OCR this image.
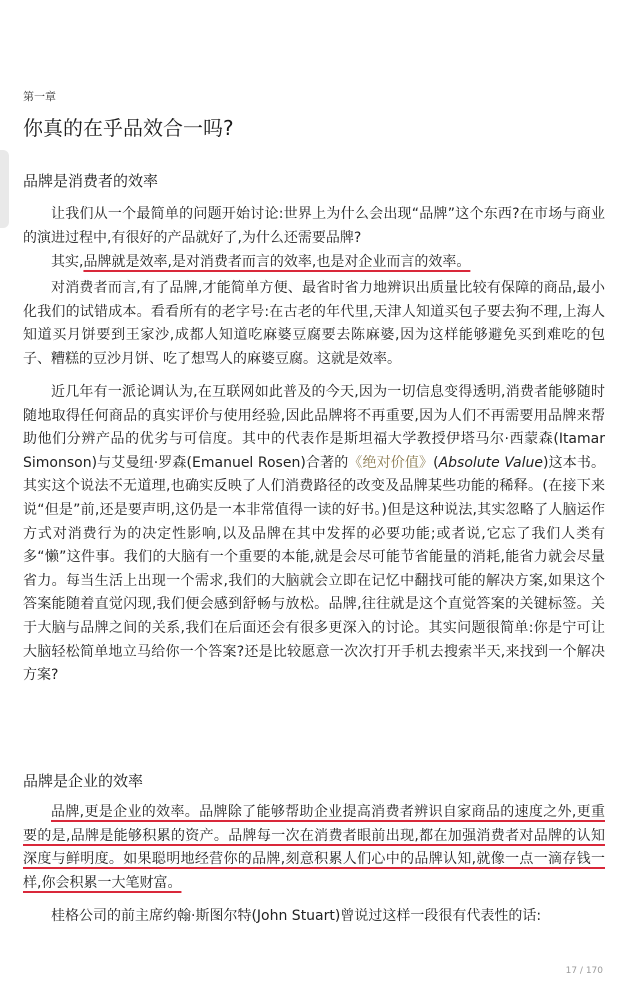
第一章
你真的在乎品效合一吗?
品牌是消费者的效率

让我们从一个最简单的问题开始讨论:世界上为什么会出现“品牌”这个东西?在市场与商业的演进过程中,有很好的产品就好了,为什么还需要品牌?

其实,品牌就是效率,是对消费者而言的效率,也是对企业而言的效率。

对消费者而言,有了品牌,才能简单方便、最省时省力地辨识出质量比较有保障的商品,最小化我们的试错成本。看看所有的老字号:在古老的年代里,天津人知道买包子要去狗不理,上海人知道买月饼要到王家沙,成都人知道吃麻婆豆腐要去陈麻婆,因为这样能够避免买到难吃的包子、糟糕的豆沙月饼、吃了想骂人的麻婆豆腐。这就是效率。

近几年有一派论调认为,在互联网如此普及的今天,因为一切信息变得透明,消费者能够随时随地取得任何商品的真实评价与使用经验,因此品牌将不再重要,因为人们不再需要用品牌来帮助他们分辨产品的优劣与可信度。其中的代表作是斯坦福大学教授伊塔马尔·西蒙森(Itamar Simonson)与艾曼纽·罗森(Emanuel Rosen)合著的《绝对价值》(Absolute Value)这本书。其实这个说法不无道理,也确实反映了人们消费路径的改变及品牌某些功能的稀释。(在接下来说“但是”前,还是要声明,这仍是一本非常值得一读的好书。)但是这种说法,其实忽略了人脑运作方式对消费行为的决定性影响,以及品牌在其中发挥的必要功能;或者说,它忘了我们人类有多“懒”这件事。我们的大脑有一个重要的本能,就是会尽可能节省能量的消耗,能省力就会尽量省力。每当生活上出现一个需求,我们的大脑就会立即在记忆中翻找可能的解决方案,如果这个答案能随着直觉闪现,我们便会感到舒畅与放松。品牌,往往就是这个直觉答案的关键标签。关于大脑与品牌之间的关系,我们在后面还会有很多更深入的讨论。其实问题很简单:你是宁可让大脑轻松简单地立马给你一个答案?还是比较愿意一次次打开手机去搜索半天,来找到一个解决方案?

品牌是企业的效率

品牌,更是企业的效率。品牌除了能够帮助企业提高消费者辨识自家商品的速度之外,更重要的是,品牌是能够积累的资产。品牌每一次在消费者眼前出现,都在加强消费者对品牌的认知深度与鲜明度。如果聪明地经营你的品牌,刻意积累人们心中的品牌认知,就像一点一滴存钱一样,你会积累一大笔财富。

桂格公司的前主席约翰·斯图尔特(John Stuart)曾说过这样一段很有代表性的话:

17 / 170
